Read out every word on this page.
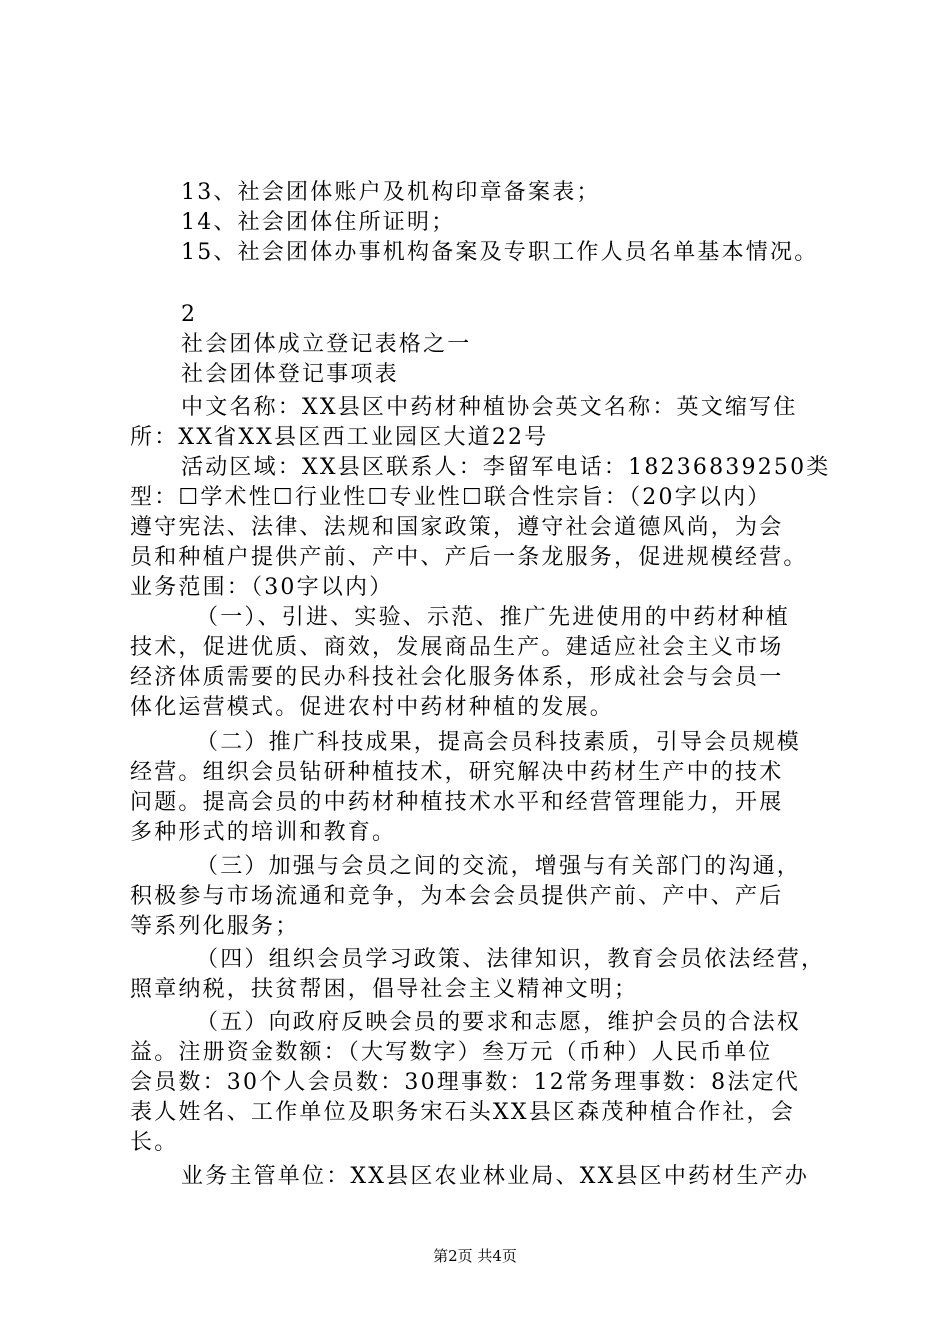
13、社会团体账户及机构印章备案表；
14、社会团体住所证明；
15、社会团体办事机构备案及专职工作人员名单基本情况。
2
社会团体成立登记表格之一
社会团体登记事项表
中文名称：XX县区中药材种植协会英文名称：英文缩写住
所：XX省XX县区西工业园区大道22号
活动区域：XX县区联系人：李留军电话：18236839250类
型：☐学术性☐行业性☐专业性☐联合性宗旨：（20字以内）
遵守宪法、法律、法规和国家政策，遵守社会道德风尚，为会
员和种植户提供产前、产中、产后一条龙服务，促进规模经营。
业务范围：（30字以内）
（一）、引进、实验、示范、推广先进使用的中药材种植
技术，促进优质、商效，发展商品生产。建适应社会主义市场
经济体质需要的民办科技社会化服务体系，形成社会与会员一
体化运营模式。促进农村中药材种植的发展。
（二）推广科技成果，提高会员科技素质，引导会员规模
经营。组织会员钻研种植技术，研究解决中药材生产中的技术
问题。提高会员的中药材种植技术水平和经营管理能力，开展
多种形式的培训和教育。
（三）加强与会员之间的交流，增强与有关部门的沟通，
积极参与市场流通和竞争，为本会会员提供产前、产中、产后
等系列化服务；
（四）组织会员学习政策、法律知识，教育会员依法经营，
照章纳税，扶贫帮困，倡导社会主义精神文明；
（五）向政府反映会员的要求和志愿，维护会员的合法权
益。注册资金数额：（大写数字）叁万元（币种）人民币单位
会员数：30个人会员数：30理事数：12常务理事数：8法定代
表人姓名、工作单位及职务宋石头XX县区森茂种植合作社，会
长。
业务主管单位：XX县区农业林业局、XX县区中药材生产办
第2页 共4页
